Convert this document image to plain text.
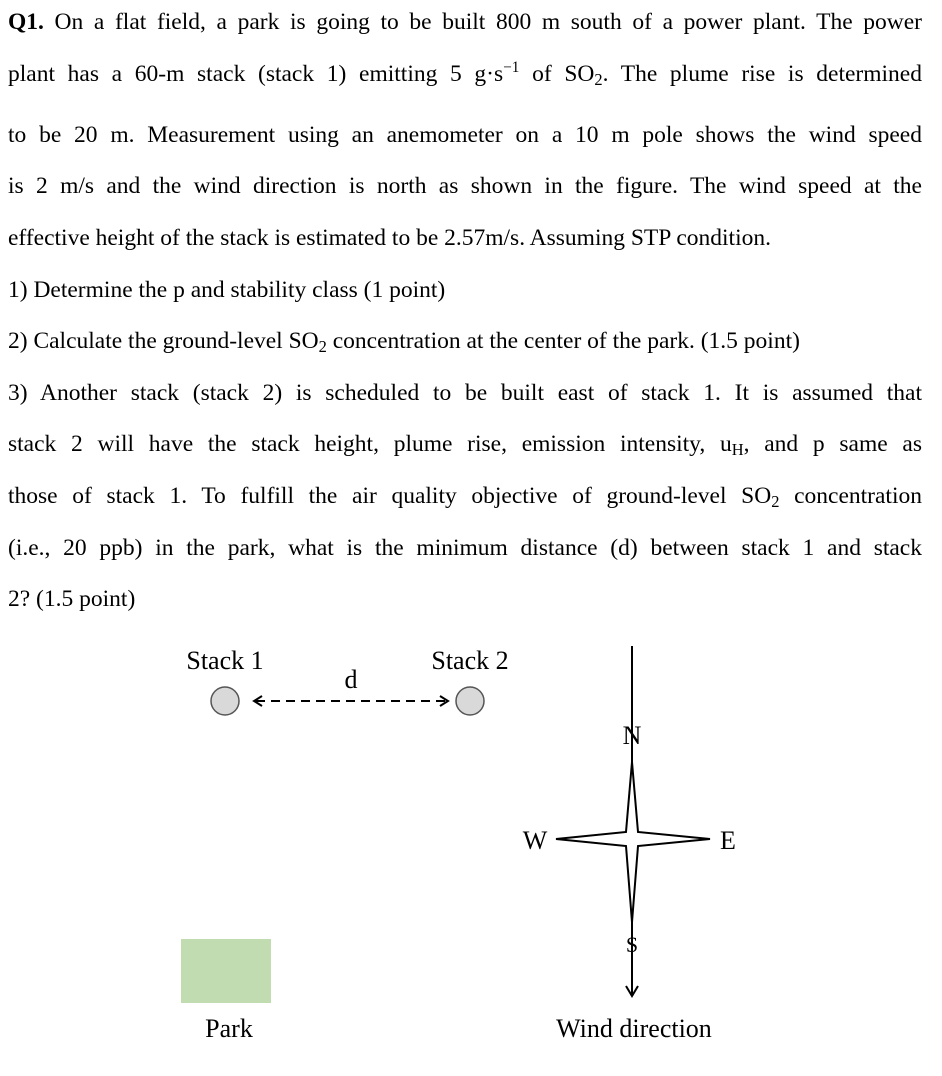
Q1. On a flat field, a park is going to be built 800 m south of a power plant. The power
plant has a 60-m stack (stack 1) emitting 5 $g\cdot s^{-1}$ of $SO_2$. The plume rise is determined
to be 20 m. Measurement using an anemometer on a 10 m pole shows the wind speed
is 2 m/s and the wind direction is north as shown in the figure. The wind speed at the
effective height of the stack is estimated to be 2.57m/s. Assuming STP condition.
1) Determine the p and stability class (1 point)
2) Calculate the ground-level $SO_2$ concentration at the center of the park. (1.5 point)
3) Another stack (stack 2) is scheduled to be built east of stack 1. It is assumed that
stack 2 will have the stack height, plume rise, emission intensity, $u_H$, and p same as
those of stack 1. To fulfill the air quality objective of ground-level $SO_2$ concentration
(i.e., 20 ppb) in the park, what is the minimum distance (d) between stack 1 and stack
2? (1.5 point)
Stack 1	Stack 2
d
Park
N
W	E
S
Wind direction
